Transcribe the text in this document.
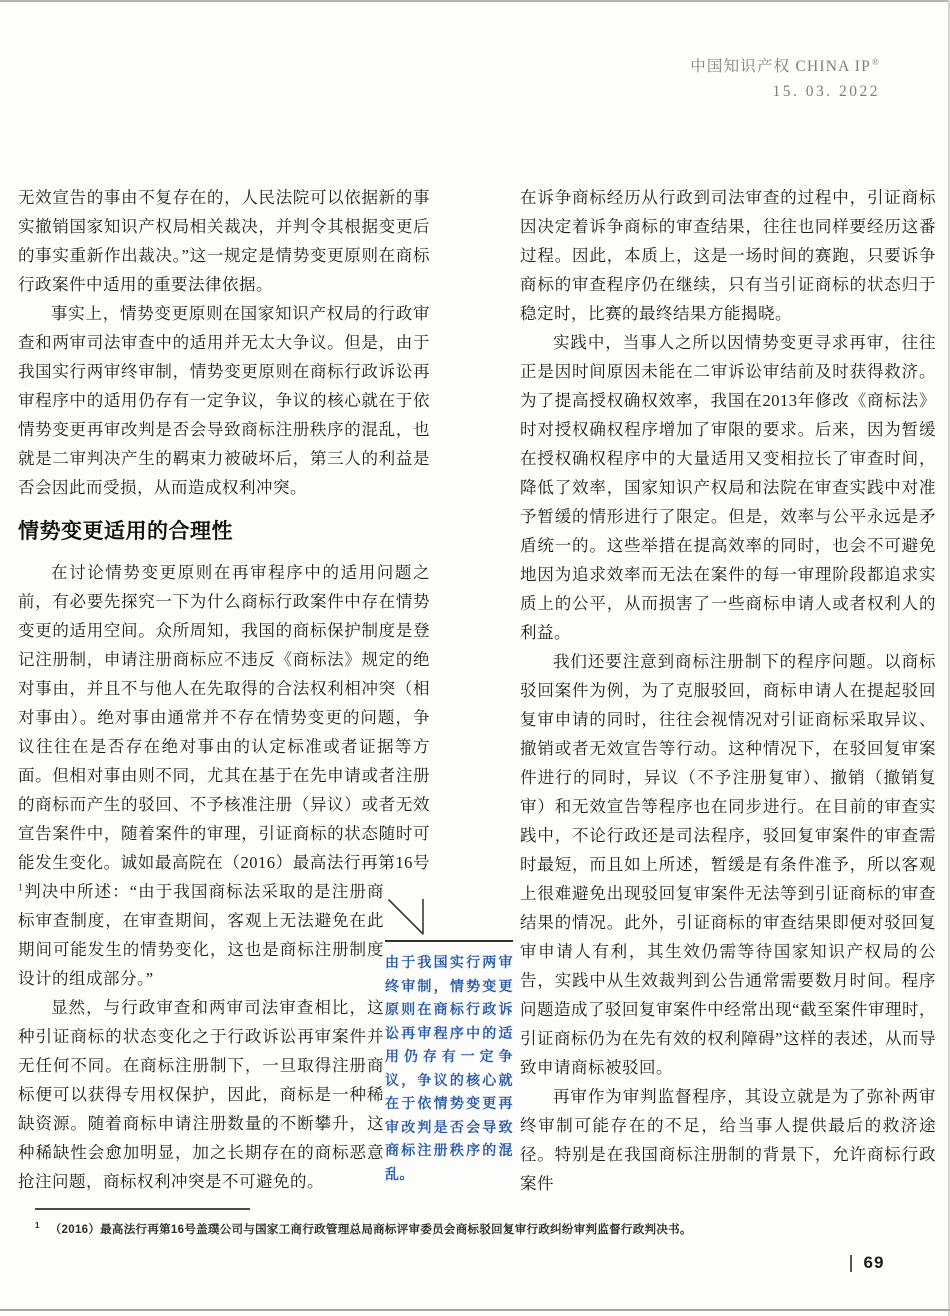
中国知识产权 CHINA IP®
15. 03. 2022

无效宣告的事由不复存在的，人民法院可以依据新的事实撤销国家知识产权局相关裁决，并判令其根据变更后的事实重新作出裁决。”这一规定是情势变更原则在商标行政案件中适用的重要法律依据。

事实上，情势变更原则在国家知识产权局的行政审查和两审司法审查中的适用并无太大争议。但是，由于我国实行两审终审制，情势变更原则在商标行政诉讼再审程序中的适用仍存有一定争议，争议的核心就在于依情势变更再审改判是否会导致商标注册秩序的混乱，也就是二审判决产生的羁束力被破坏后，第三人的利益是否会因此而受损，从而造成权利冲突。

情势变更适用的合理性

在讨论情势变更原则在再审程序中的适用问题之前，有必要先探究一下为什么商标行政案件中存在情势变更的适用空间。众所周知，我国的商标保护制度是登记注册制，申请注册商标应不违反《商标法》规定的绝对事由，并且不与他人在先取得的合法权利相冲突（相对事由）。绝对事由通常并不存在情势变更的问题，争议往往在是否存在绝对事由的认定标准或者证据等方面。但相对事由则不同，尤其在基于在先申请或者注册的商标而产生的驳回、不予核准注册（异议）或者无效宣告案件中，随着案件的审理，引证商标的状态随时可能发生变化。诚如最高院在（2016）最高法行再第16号$^1$判决中所述：“由于我国商标法采取的是注册
商标审查制度，在审查期间，客观上无法避免在此期间可能发生的情势变化，这也是商标注册制度设计的组成部分。”

显然，与行政审查和两审司法审查相比，这种引证商标的状态变化之于行政诉讼再审案件并无任何不同。在商标注册制下，一旦取得注册商标便可以获得专用权保护，因此，商标是一种稀缺资源。随着商标申请注册数量的不断攀升，这种稀缺性会愈加明显，加之长期存在的商标恶意抢注问题，商标权利冲突是不可避免的。

在诉争商标经历从行政到司法审查的过程中，引证商标因决定着诉争商标的审查结果，往往也同样要经历这番过程。因此，本质上，这是一场时间的赛跑，只要诉争商标的审查程序仍在继续，只有当引证商标的状态归于稳定时，比赛的最终结果方能揭晓。

实践中，当事人之所以因情势变更寻求再审，往往正是因时间原因未能在二审诉讼审结前及时获得救济。为了提高授权确权效率，我国在2013年修改《商标法》时对授权确权程序增加了审限的要求。后来，因为暂缓在授权确权程序中的大量适用又变相拉长了审查时间，降低了效率，国家知识产权局和法院在审查实践中对准予暂缓的情形进行了限定。但是，效率与公平永远是矛盾统一的。这些举措在提高效率的同时，也会不可避免地因为追求效率而无法在案件的每一审理阶段都追求实质上的公平，从而损害了一些商标申请人或者权利人的利益。

我们还要注意到商标注册制下的程序问题。以商标驳回案件为例，为了克服驳回，商标申请人在提起驳回复审申请的同时，往往会视情况对引证商标采取异议、撤销或者无效宣告等行动。这种情况下，在驳回复审案件进行的同时，异议（不予注册复审）、撤销（撤销复审）和无效宣告等程序也在同步进行。在目前的审查实践中，不论行政还是司法程序，驳回复审案件的审查需时最短，而且如上所述，暂缓是有条件准予，所以客观上很难避免出现驳回复审案件无法等到引证商标的审查结果的情况。此外，引证商标的审查结果即便对驳回复审申请人有利，其生效仍需等待国家知识产权局的公告，实践中从生效裁判到公告通常需要数月时间。程序问题造成了驳回复审案件中经常出现“截至案件审理时，引证商标仍为在先有效的权利障碍”这样的表述，从而导致申请商标被驳回。

再审作为审判监督程序，其设立就是为了弥补两审终审制可能存在的不足，给当事人提供最后的救济途径。特别是在我国商标注册制的背景下，允许商标行政案件

由于我国实行两审终审制，情势变更原则在商标行政诉讼再审程序中的适用仍存有一定争议，争议的核心就在于依情势变更再审改判是否会导致商标注册秩序的混乱。
$^1$ （2016）最高法行再第16号盖璞公司与国家工商行政管理总局商标评审委员会商标驳回复审行政纠纷审判监督行政判决书。
69
